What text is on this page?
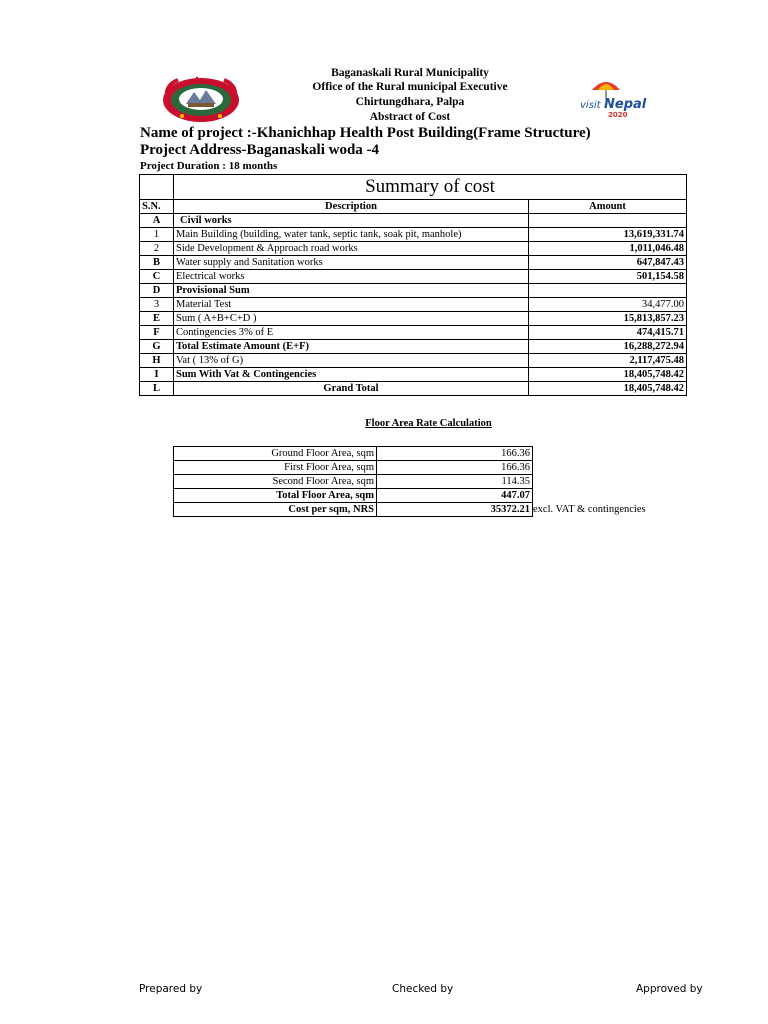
visit Nepal
2020
Baganaskali Rural Municipality
Office of the Rural municipal Executive
Chirtungdhara, Palpa
Abstract of Cost
Name of project :-Khanichhap Health Post Building(Frame Structure)
Project Address-Baganaskali woda -4
Project Duration : 18 months
	Summary of cost	
S.N.	Description	Amount
A	Civil works	
1	Main Building (building, water tank, septic tank, soak pit, manhole)	13,619,331.74
2	Side Development & Approach road works	1,011,046.48
B	Water supply and Sanitation works	647,847.43
C	Electrical works	501,154.58
D	Provisional Sum	
3	Material Test	34,477.00
E	Sum ( A+B+C+D )	15,813,857.23
F	Contingencies 3% of E	474,415.71
G	Total Estimate Amount (E+F)	16,288,272.94
H	Vat ( 13% of G)	2,117,475.48
I	Sum With Vat & Contingencies	18,405,748.42
L	Grand Total	18,405,748.42
Floor Area Rate Calculation
Ground Floor Area, sqm	166.36
First Floor Area, sqm	166.36
Second Floor Area, sqm	114.35
Total Floor Area, sqm	447.07
Cost per sqm, NRS	35372.21 excl. VAT & contingencies
Prepared by	Checked by	Approved by
